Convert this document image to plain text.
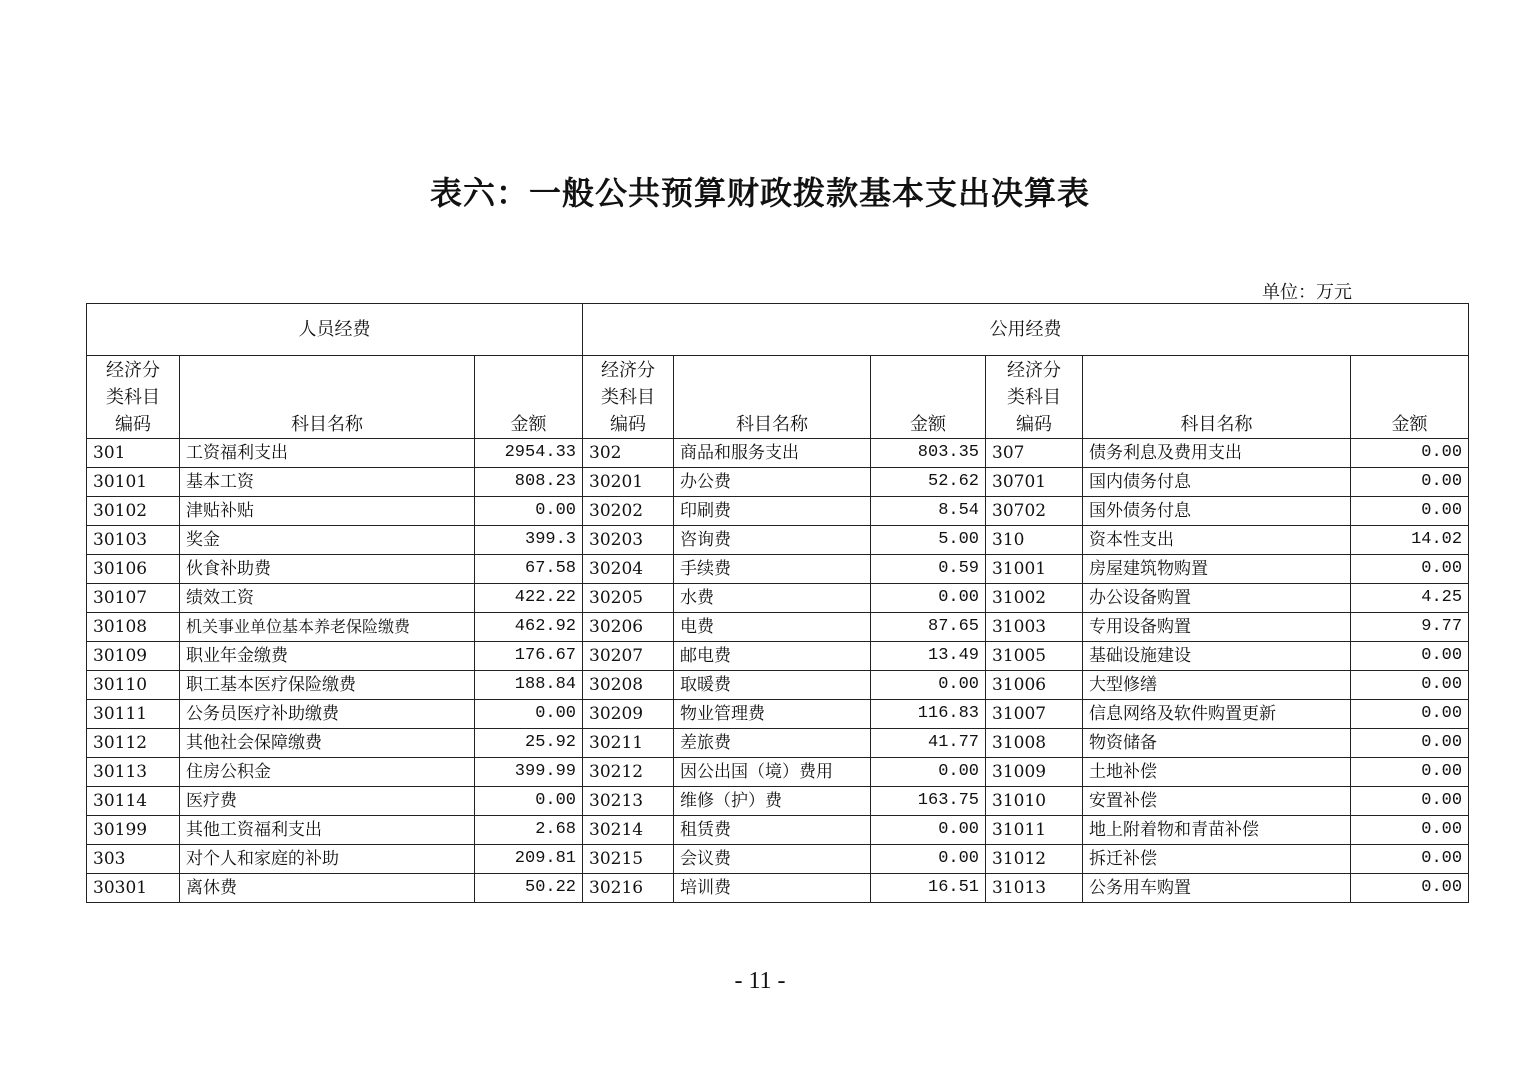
表六：一般公共预算财政拨款基本支出决算表
单位：万元
人员经费			公用经费					
经济分
类科目
编码	科目名称	金额	经济分
类科目
编码	科目名称	金额	经济分
类科目
编码	科目名称	金额
301	工资福利支出	2954.33	302	商品和服务支出	803.35	307	债务利息及费用支出	0.00
30101	基本工资	808.23	30201	办公费	52.62	30701	国内债务付息	0.00
30102	津贴补贴	0.00	30202	印刷费	8.54	30702	国外债务付息	0.00
30103	奖金	399.3	30203	咨询费	5.00	310	资本性支出	14.02
30106	伙食补助费	67.58	30204	手续费	0.59	31001	房屋建筑物购置	0.00
30107	绩效工资	422.22	30205	水费	0.00	31002	办公设备购置	4.25
30108	机关事业单位基本养老保险缴费	462.92	30206	电费	87.65	31003	专用设备购置	9.77
30109	职业年金缴费	176.67	30207	邮电费	13.49	31005	基础设施建设	0.00
30110	职工基本医疗保险缴费	188.84	30208	取暖费	0.00	31006	大型修缮	0.00
30111	公务员医疗补助缴费	0.00	30209	物业管理费	116.83	31007	信息网络及软件购置更新	0.00
30112	其他社会保障缴费	25.92	30211	差旅费	41.77	31008	物资储备	0.00
30113	住房公积金	399.99	30212	因公出国（境）费用	0.00	31009	土地补偿	0.00
30114	医疗费	0.00	30213	维修（护）费	163.75	31010	安置补偿	0.00
30199	其他工资福利支出	2.68	30214	租赁费	0.00	31011	地上附着物和青苗补偿	0.00
303	对个人和家庭的补助	209.81	30215	会议费	0.00	31012	拆迁补偿	0.00
30301	离休费	50.22	30216	培训费	16.51	31013	公务用车购置	0.00
- 11 -
